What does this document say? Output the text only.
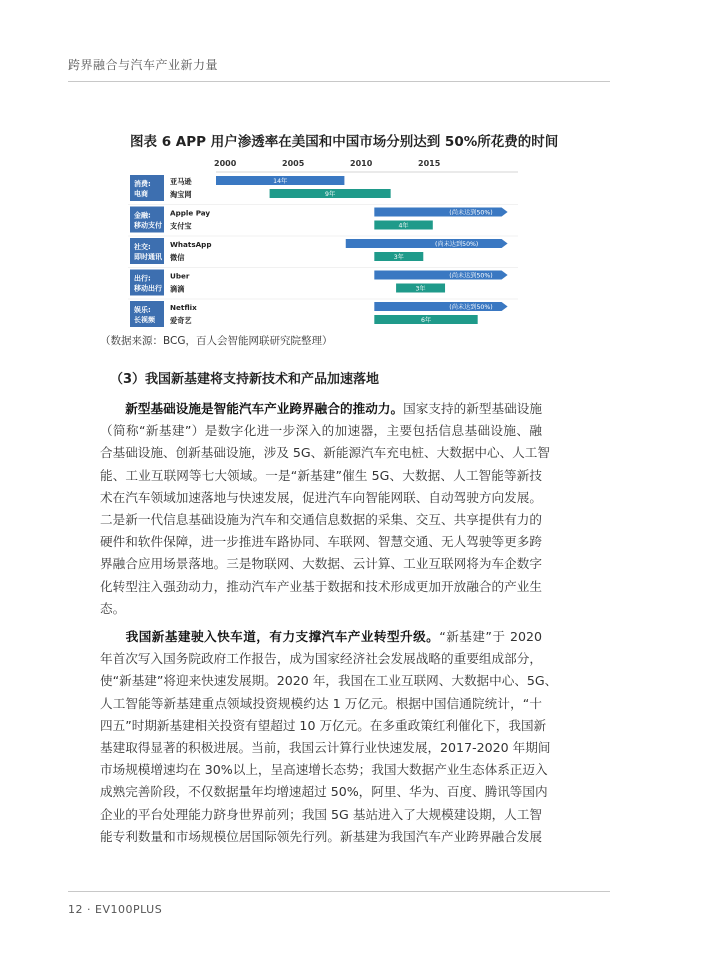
跨界融合与汽车产业新力量
图表 6 APP 用户渗透率在美国和中国市场分别达到 50%所花费的时间
2000	2005	2010	2015
消费:
电商
亚马逊	14年
淘宝网	9年
金融:
移动支付
Apple Pay	(尚未达到50%)
支付宝	4年
社交:
即时通讯
WhatsApp	(尚未达到50%)
微信	3年
出行:
移动出行
Uber	(尚未达到50%)
滴滴	3年
娱乐:
长视频
Netflix	(尚未达到50%)
爱奇艺	6年
（数据来源：BCG，百人会智能网联研究院整理）
（3）我国新基建将支持新技术和产品加速落地
  新型基础设施是智能汽车产业跨界融合的推动力。国家支持的新型基础设施
（简称“新基建”）是数字化进一步深入的加速器，主要包括信息基础设施、融
合基础设施、创新基础设施，涉及 5G、新能源汽车充电桩、大数据中心、人工智
能、工业互联网等七大领域。一是“新基建”催生 5G、大数据、人工智能等新技
术在汽车领域加速落地与快速发展，促进汽车向智能网联、自动驾驶方向发展。
二是新一代信息基础设施为汽车和交通信息数据的采集、交互、共享提供有力的
硬件和软件保障，进一步推进车路协同、车联网、智慧交通、无人驾驶等更多跨
界融合应用场景落地。三是物联网、大数据、云计算、工业互联网将为车企数字
化转型注入强劲动力，推动汽车产业基于数据和技术形成更加开放融合的产业生
态。
  我国新基建驶入快车道，有力支撑汽车产业转型升级。“新基建”于 2020
年首次写入国务院政府工作报告，成为国家经济社会发展战略的重要组成部分，
使“新基建”将迎来快速发展期。2020 年，我国在工业互联网、大数据中心、5G、
人工智能等新基建重点领域投资规模约达 1 万亿元。根据中国信通院统计，“十
四五”时期新基建相关投资有望超过 10 万亿元。在多重政策红利催化下，我国新
基建取得显著的积极进展。当前，我国云计算行业快速发展，2017-2020 年期间
市场规模增速均在 30%以上，呈高速增长态势；我国大数据产业生态体系正迈入
成熟完善阶段，不仅数据量年均增速超过 50%，阿里、华为、百度、腾讯等国内
企业的平台处理能力跻身世界前列；我国 5G 基站进入了大规模建设期，人工智
能专利数量和市场规模位居国际领先行列。新基建为我国汽车产业跨界融合发展
12 · EV100PLUS
